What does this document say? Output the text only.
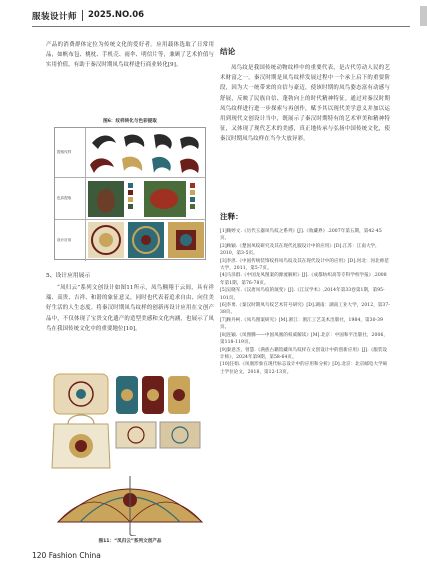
服装设计师 2025.NO.06

产品的消费群体定位为传统文化的爱好者。应用载体选取了日常用品，如帆布包、桃枕、手机壳、雨伞、明信片等，兼顾了艺术价值与实用价值，有助于秦汉时期凤鸟纹样进行商业转化[9]。

图6：纹样转化与色彩提取
提取纹样
色彩提取
设计应用
5、设计应用展示

“凤归云”系列文创设计如图11所示，凤鸟翱翔于云间，具有祥瑞、高贵、吉祥、和谐的象征意义，同时也代表着追求自由、向往美好生活的人生态度。将秦汉时期凤鸟纹样的创新再设计应用在文创产品中，不仅体现了宝贵文化遗产的造型美感和文化内涵，也展示了凤鸟在我国传统文化中的重要地位[10]。

图11：“凤归云”系列文创产品
结论

凤鸟纹是我国传统动物纹样中的重要代表，是古代劳动人民的艺术财富之一。秦汉时期是凤鸟纹样发展过程中一个承上启下的重要阶段，因为大一统带来的自信与豪迈，使该时期的凤鸟姿态富有动感与舒展，反映了民族自信、蓬勃向上的时代精神特征。通过对秦汉时期凤鸟纹样进行进一步探索与再创作，赋予其以现代美学意义并加以运用到现代文创设计当中，既展示了秦汉时期特有的艺术审美和精神特征，又体现了现代艺术的美感，真正地传承与弘扬中国传统文化，使秦汉时期凤鸟纹样在当今大放异彩。

注释：

[1]赖婷文.《历代玉器凤鸟纹之系列》[J].《收藏界》.2007年第五期，第42-45页。

[2]顾颖.《楚国凤纹研究及其在现代礼服设计中的应用》[D].江苏：江南大学，2010，第3-5页。

[3]李淳.《中国传统装饰纹样凤鸟纹及其在现代设计中的应用》[D].河北：河北师范大学，2011，第5-7页。

[4]马泽群.《中国龙凤图案的源流解析》[J].《成都纺织高等专科学校学报》,2008年第1期，第76-78页。

[5]吴晓军.《汉唐凤鸟纹的演变》[J].《江汉学术》,2014年第33卷第1期，第95-101页。

[6]李勇.《秦汉时期凤鸟纹艺术符号研究》[D].湖南：湖南工业大学，2012，第37-38页。

[7]顾丹柯.《凤鸟图案研究》[M].浙江：浙江工艺美术出版社，1984，第30-39页。

[8]连颖.《凤图腾——中国凤凰的权威解读》[M].北京：中国和平出版社，2006，第118-119页。

[9]秦意杰，曾慧.《满族古籍馆藏凤鸟纹样在文创设计中的创新应用》[J].《服装设计师》，2024年第9期，第58-64页。

[10]任娟.《凤凰形象在现代标志设计中的应用和分析》[D].北京：北京邮电大学硕士学位论文，2018，第12-13页。

120 Fashion China
